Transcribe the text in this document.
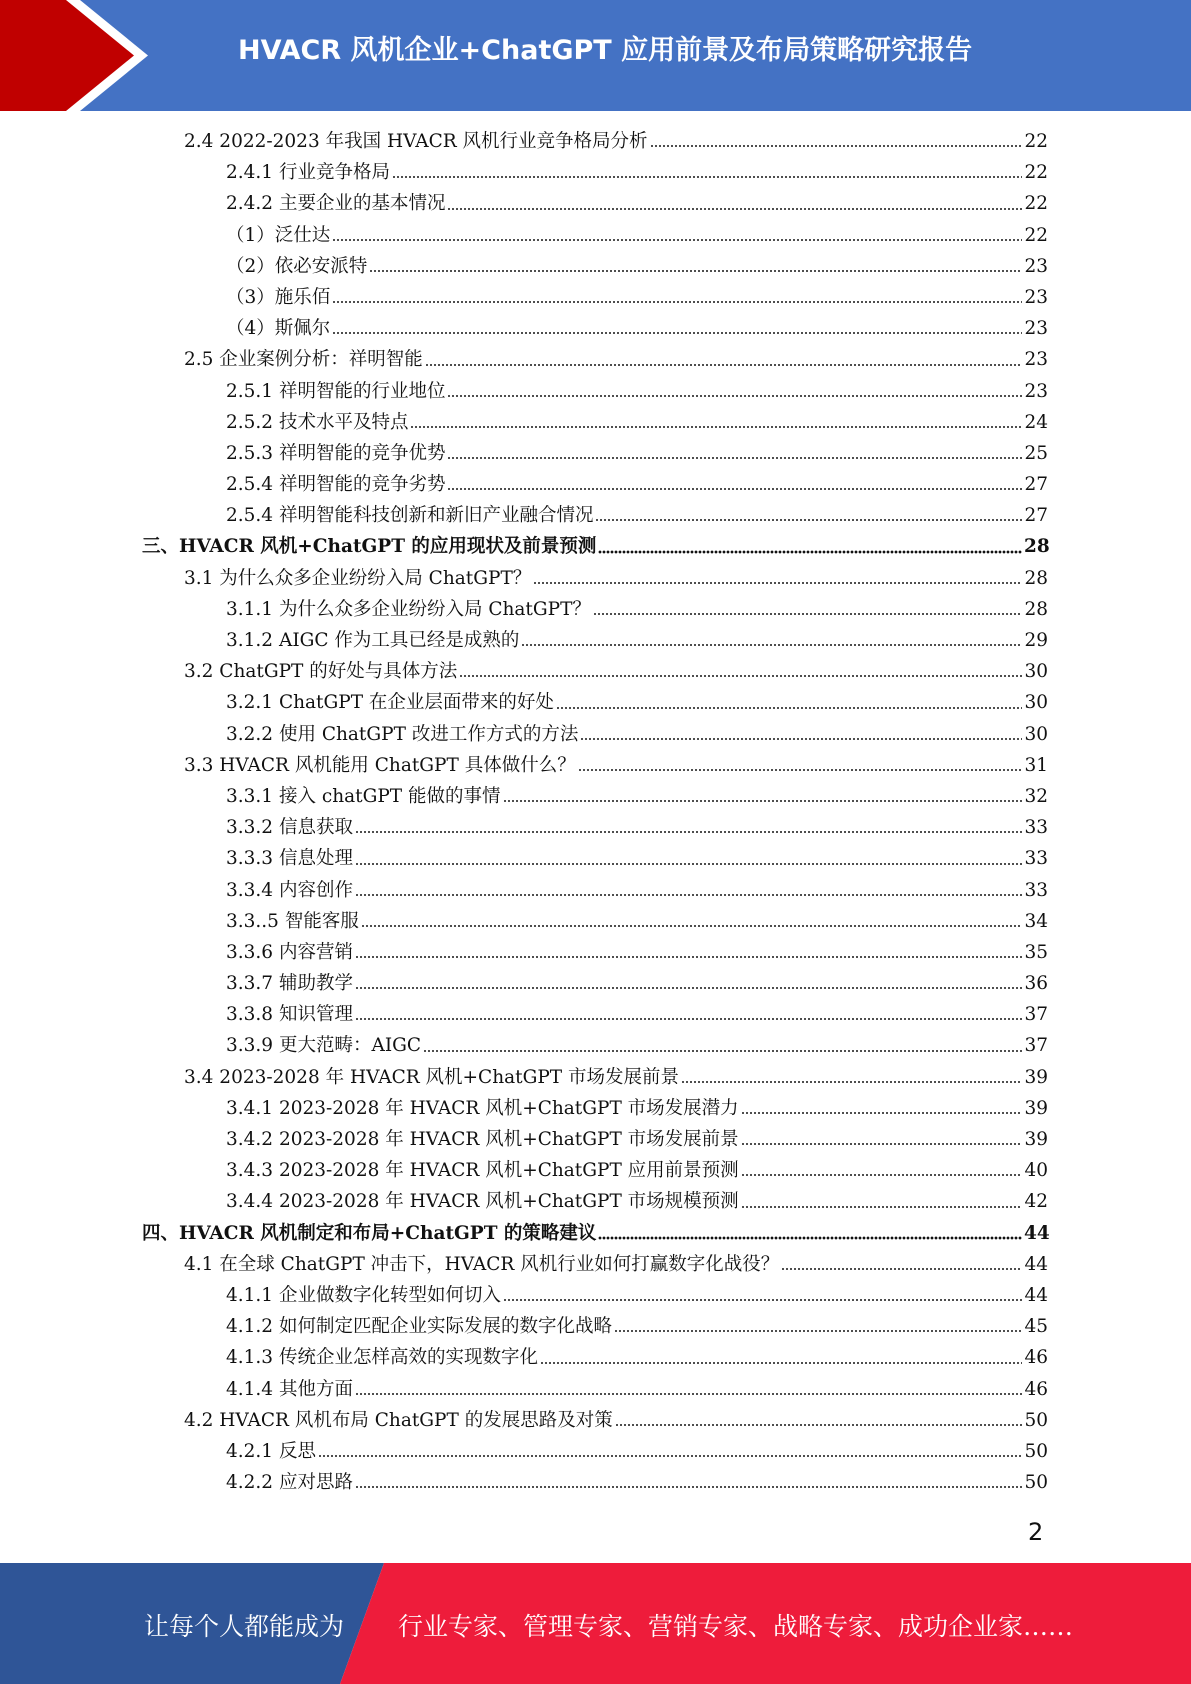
HVACR 风机企业+ChatGPT 应用前景及布局策略研究报告
2.4 2022-2023 年我国 HVACR 风机行业竞争格局分析	22
2.4.1 行业竞争格局	22
2.4.2 主要企业的基本情况	22
（1）泛仕达	22
（2）依必安派特	23
（3）施乐佰	23
（4）斯佩尔	23
2.5 企业案例分析：祥明智能	23
2.5.1 祥明智能的行业地位	23
2.5.2 技术水平及特点	24
2.5.3 祥明智能的竞争优势	25
2.5.4 祥明智能的竞争劣势	27
2.5.4 祥明智能科技创新和新旧产业融合情况	27
三、HVACR 风机+ChatGPT 的应用现状及前景预测	28
3.1 为什么众多企业纷纷入局 ChatGPT？	28
3.1.1 为什么众多企业纷纷入局 ChatGPT？	28
3.1.2 AIGC 作为工具已经是成熟的	29
3.2 ChatGPT 的好处与具体方法	30
3.2.1 ChatGPT 在企业层面带来的好处	30
3.2.2 使用 ChatGPT 改进工作方式的方法	30
3.3 HVACR 风机能用 ChatGPT 具体做什么？	31
3.3.1 接入 chatGPT 能做的事情	32
3.3.2 信息获取	33
3.3.3 信息处理	33
3.3.4 内容创作	33
3.3..5 智能客服	34
3.3.6 内容营销	35
3.3.7 辅助教学	36
3.3.8 知识管理	37
3.3.9 更大范畴：AIGC	37
3.4 2023-2028 年 HVACR 风机+ChatGPT 市场发展前景	39
3.4.1 2023-2028 年 HVACR 风机+ChatGPT 市场发展潜力	39
3.4.2 2023-2028 年 HVACR 风机+ChatGPT 市场发展前景	39
3.4.3 2023-2028 年 HVACR 风机+ChatGPT 应用前景预测	40
3.4.4 2023-2028 年 HVACR 风机+ChatGPT 市场规模预测	42
四、HVACR 风机制定和布局+ChatGPT 的策略建议	44
4.1 在全球 ChatGPT 冲击下，HVACR 风机行业如何打赢数字化战役？	44
4.1.1 企业做数字化转型如何切入	44
4.1.2 如何制定匹配企业实际发展的数字化战略	45
4.1.3 传统企业怎样高效的实现数字化	46
4.1.4 其他方面	46
4.2 HVACR 风机布局 ChatGPT 的发展思路及对策	50
4.2.1 反思	50
4.2.2 应对思路	50
2
让每个人都能成为 行业专家、管理专家、营销专家、战略专家、成功企业家……
